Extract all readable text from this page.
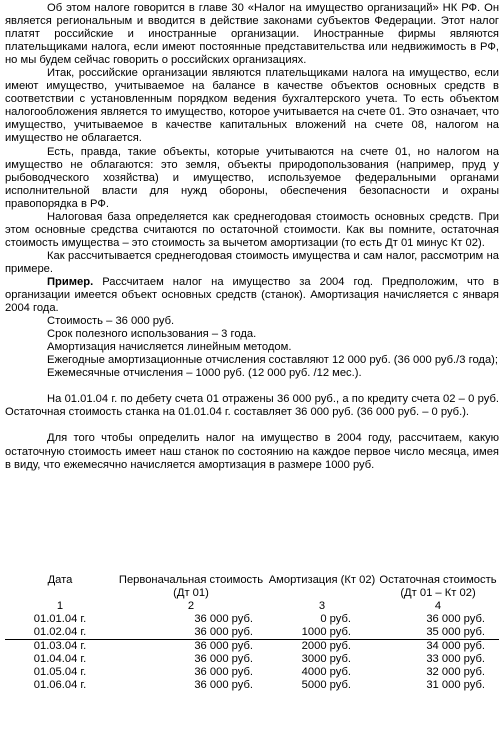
Об этом налоге говорится в главе 30 «Налог на имущество организаций» НК РФ. Он является региональным и вводится в действие законами субъектов Федерации. Этот налог платят российские и иностранные организации. Иностранные фирмы являются плательщиками налога, если имеют постоянные представительства или недвижимость в РФ, но мы будем сейчас говорить о российских организациях.

Итак, российские организации являются плательщиками налога на имущество, если имеют имущество, учитываемое на балансе в качестве объектов основных средств в соответствии с установленным порядком ведения бухгалтерского учета. То есть объектом налогообложения является то имущество, которое учитывается на счете 01. Это означает, что имущество, учитываемое в качестве капитальных вложений на счете 08, налогом на имущество не облагается.

Есть, правда, такие объекты, которые учитываются на счете 01, но налогом на имущество не облагаются: это земля, объекты природопользования (например, пруд у рыбоводческого хозяйства) и имущество, используемое федеральными органами исполнительной власти для нужд обороны, обеспечения безопасности и охраны правопорядка в РФ.

Налоговая база определяется как среднегодовая стоимость основных средств. При этом основные средства считаются по остаточной стоимости. Как вы помните, остаточная стоимость имущества – это стоимость за вычетом амортизации (то есть Дт 01 минус Кт 02).

Как рассчитывается среднегодовая стоимость имущества и сам налог, рассмотрим на примере.

Пример. Рассчитаем налог на имущество за 2004 год. Предположим, что в организации имеется объект основных средств (станок). Амортизация начисляется с января 2004 года.

Стоимость – 36 000 руб.

Срок полезного использования – 3 года.

Амортизация начисляется линейным методом.

Ежегодные амортизационные отчисления составляют 12 000 руб. (36 000 руб./3 года);

Ежемесячные отчисления – 1000 руб. (12 000 руб. /12 мес.).

На 01.01.04 г. по дебету счета 01 отражены 36 000 руб., а по кредиту счета 02 – 0 руб. Остаточная стоимость станка на 01.01.04 г. составляет 36 000 руб. (36 000 руб. – 0 руб.).

Для того чтобы определить налог на имущество в 2004 году, рассчитаем, какую остаточную стоимость имеет наш станок по состоянию на каждое первое число месяца, имея в виду, что ежемесячно начисляется амортизация в размере 1000 руб.

Дата	Первоначальная стоимость (Дт 01)	Амортизация (Кт 02)	Остаточная стоимость (Дт 01 – Кт 02)
1	2	3	4
01.01.04 г.	36 000 руб.	0 руб.	36 000 руб.
01.02.04 г.	36 000 руб.	1000 руб.	35 000 руб.
01.03.04 г.	36 000 руб.	2000 руб.	34 000 руб.
01.04.04 г.	36 000 руб.	3000 руб.	33 000 руб.
01.05.04 г.	36 000 руб.	4000 руб.	32 000 руб.
01.06.04 г.	36 000 руб.	5000 руб.	31 000 руб.
